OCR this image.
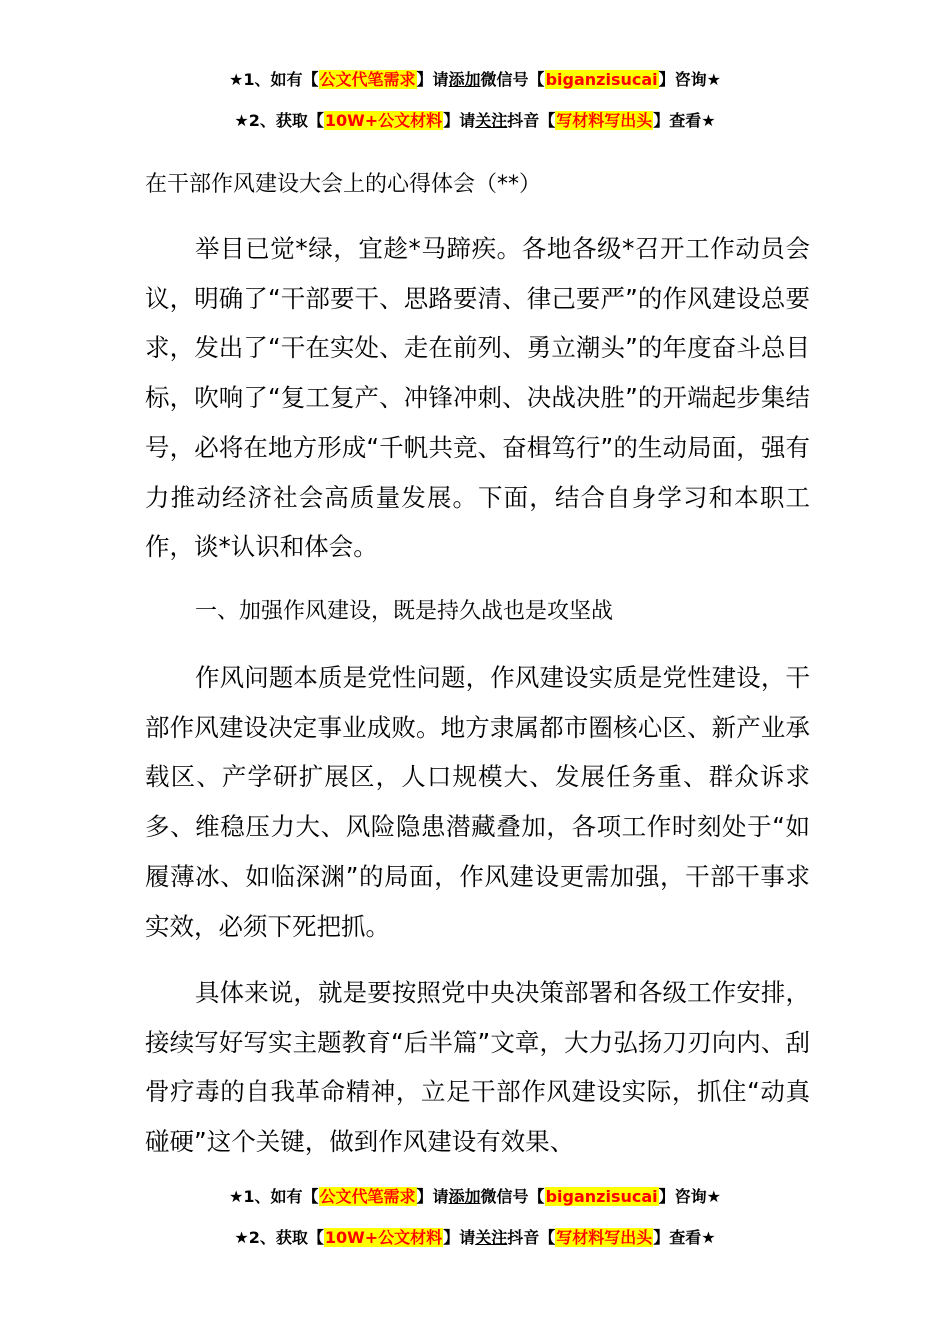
★1、如有【公文代笔需求】请添加微信号【biganzisucai】咨询★
★2、获取【10W+公文材料】请关注抖音【写材料写出头】查看★
在干部作风建设大会上的心得体会（**）

举目已觉*绿，宜趁*马蹄疾。各地各级*召开工作动员会议，明确了“干部要干、思路要清、律己要严”的作风建设总要求，发出了“干在实处、走在前列、勇立潮头”的年度奋斗总目标，吹响了“复工复产、冲锋冲刺、决战决胜”的开端起步集结号，必将在地方形成“千帆共竞、奋楫笃行”的生动局面，强有力推动经济社会高质量发展。下面，结合自身学习和本职工作，谈*认识和体会。

一、加强作风建设，既是持久战也是攻坚战

作风问题本质是党性问题，作风建设实质是党性建设，干部作风建设决定事业成败。地方隶属都市圈核心区、新产业承载区、产学研扩展区，人口规模大、发展任务重、群众诉求多、维稳压力大、风险隐患潜藏叠加，各项工作时刻处于“如履薄冰、如临深渊”的局面，作风建设更需加强，干部干事求实效，必须下死把抓。

具体来说，就是要按照党中央决策部署和各级工作安排，接续写好写实主题教育“后半篇”文章，大力弘扬刀刃向内、刮骨疗毒的自我革命精神，立足干部作风建设实际，抓住“动真碰硬”这个关键，做到作风建设有效果、

★1、如有【公文代笔需求】请添加微信号【biganzisucai】咨询★
★2、获取【10W+公文材料】请关注抖音【写材料写出头】查看★
